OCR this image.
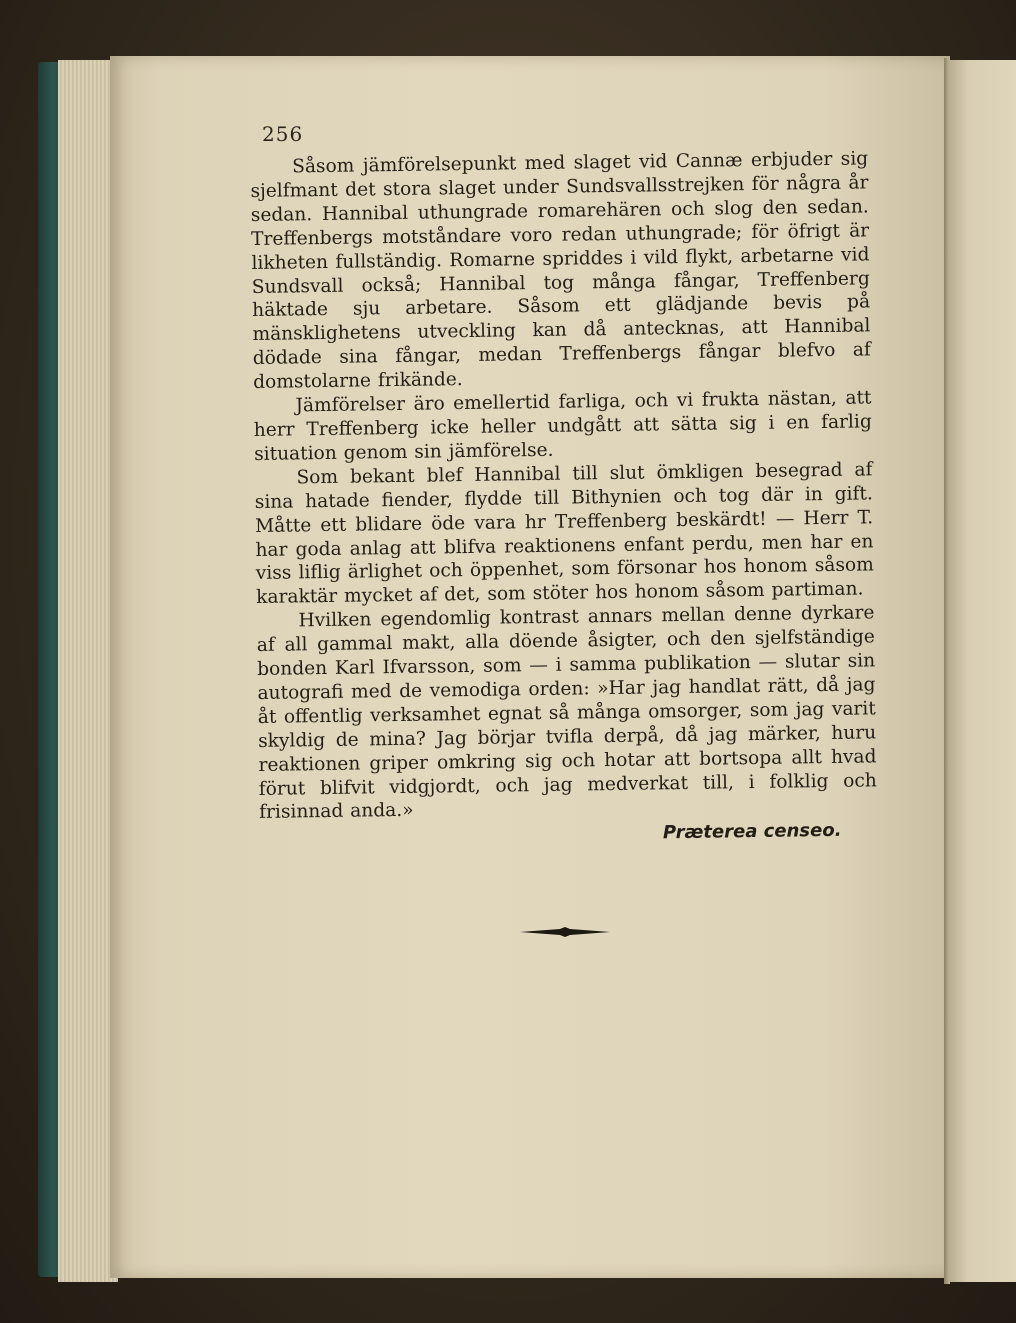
256

Såsom jämförelsepunkt med slaget vid Cannæ erbjuder sig sjelfmant det stora slaget under Sundsvallsstrejken för några år sedan. Hannibal uthungrade romarehären och slog den sedan. Treffenbergs motståndare voro redan uthungrade; för öfrigt är likheten fullständig. Romarne spriddes i vild flykt, arbetarne vid Sundsvall också; Hannibal tog många fångar, Treffenberg häktade sju arbetare. Såsom ett glädjande bevis på mänsklighetens utveckling kan då antecknas, att Hannibal dödade sina fångar, medan Treffenbergs fångar blefvo af domstolarne frikände.

Jämförelser äro emellertid farliga, och vi frukta nästan, att herr Treffenberg icke heller undgått att sätta sig i en farlig situation genom sin jämförelse.

Som bekant blef Hannibal till slut ömkligen besegrad af sina hatade fiender, flydde till Bithynien och tog där in gift. Måtte ett blidare öde vara hr Treffenberg beskärdt! — Herr T. har goda anlag att blifva reaktionens enfant perdu, men har en viss liflig ärlighet och öppenhet, som försonar hos honom såsom karaktär mycket af det, som stöter hos honom såsom partiman.

Hvilken egendomlig kontrast annars mellan denne dyrkare af all gammal makt, alla döende åsigter, och den sjelfständige bonden Karl Ifvarsson, som — i samma publikation — slutar sin autografi med de vemodiga orden: »Har jag handlat rätt, då jag åt offentlig verksamhet egnat så många omsorger, som jag varit skyldig de mina? Jag börjar tvifla derpå, då jag märker, huru reaktionen griper omkring sig och hotar att bortsopa allt hvad förut blifvit vidgjordt, och jag medverkat till, i folklig och frisinnad anda.»

Præterea censeo.
